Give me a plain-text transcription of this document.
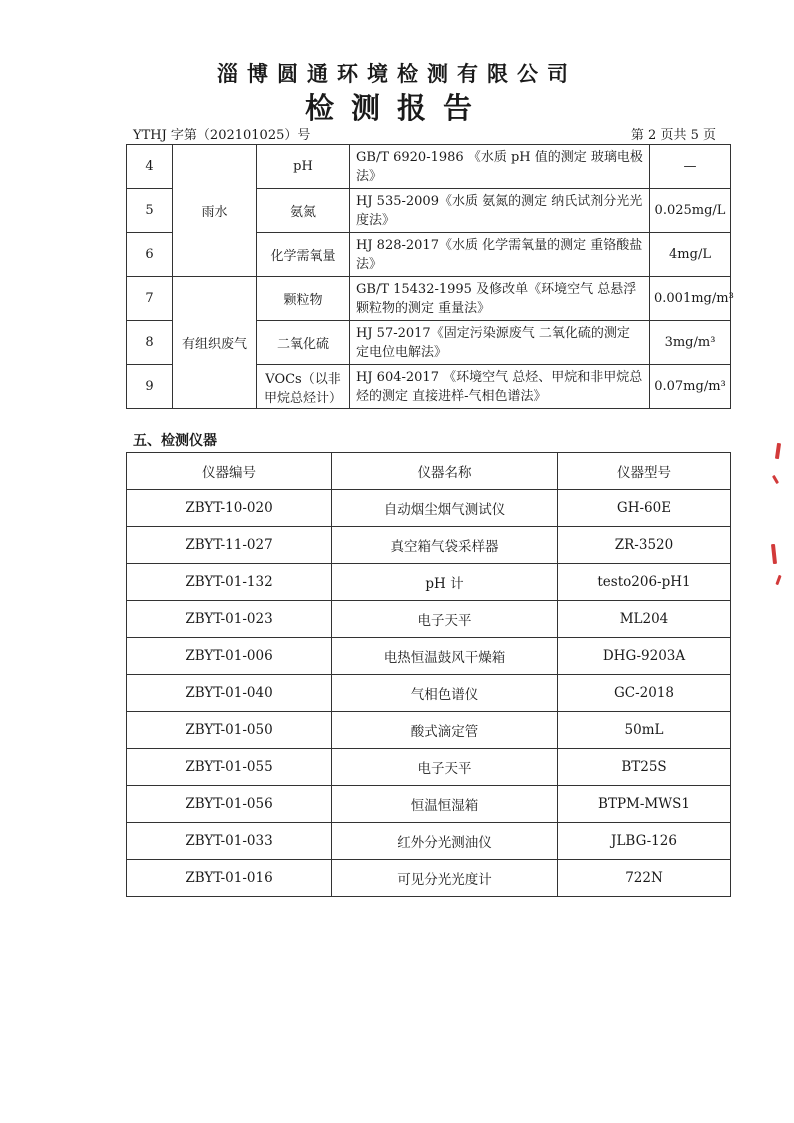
淄博圆通环境检测有限公司
检测报告
YTHJ 字第（202101025）号	第 2 页共 5 页
4	雨水	pH	GB/T 6920-1986 《水质 pH 值的测定 玻璃电极法》	—
5		氨氮	HJ 535-2009《水质 氨氮的测定 纳氏试剂分光光度法》	0.025mg/L
6		化学需氧量	HJ 828-2017《水质 化学需氧量的测定 重铬酸盐法》	4mg/L
7	有组织废气	颗粒物	GB/T 15432-1995 及修改单《环境空气 总悬浮颗粒物的测定 重量法》	0.001mg/m³
8		二氧化硫	HJ 57-2017《固定污染源废气 二氧化硫的测定 定电位电解法》	3mg/m³
9		VOCs（以非甲烷总烃计）	HJ 604-2017 《环境空气 总烃、甲烷和非甲烷总烃的测定 直接进样-气相色谱法》	0.07mg/m³
五、检测仪器
仪器编号	仪器名称	仪器型号
ZBYT-10-020	自动烟尘烟气测试仪	GH-60E
ZBYT-11-027	真空箱气袋采样器	ZR-3520
ZBYT-01-132	pH 计	testo206-pH1
ZBYT-01-023	电子天平	ML204
ZBYT-01-006	电热恒温鼓风干燥箱	DHG-9203A
ZBYT-01-040	气相色谱仪	GC-2018
ZBYT-01-050	酸式滴定管	50mL
ZBYT-01-055	电子天平	BT25S
ZBYT-01-056	恒温恒湿箱	BTPM-MWS1
ZBYT-01-033	红外分光测油仪	JLBG-126
ZBYT-01-016	可见分光光度计	722N
